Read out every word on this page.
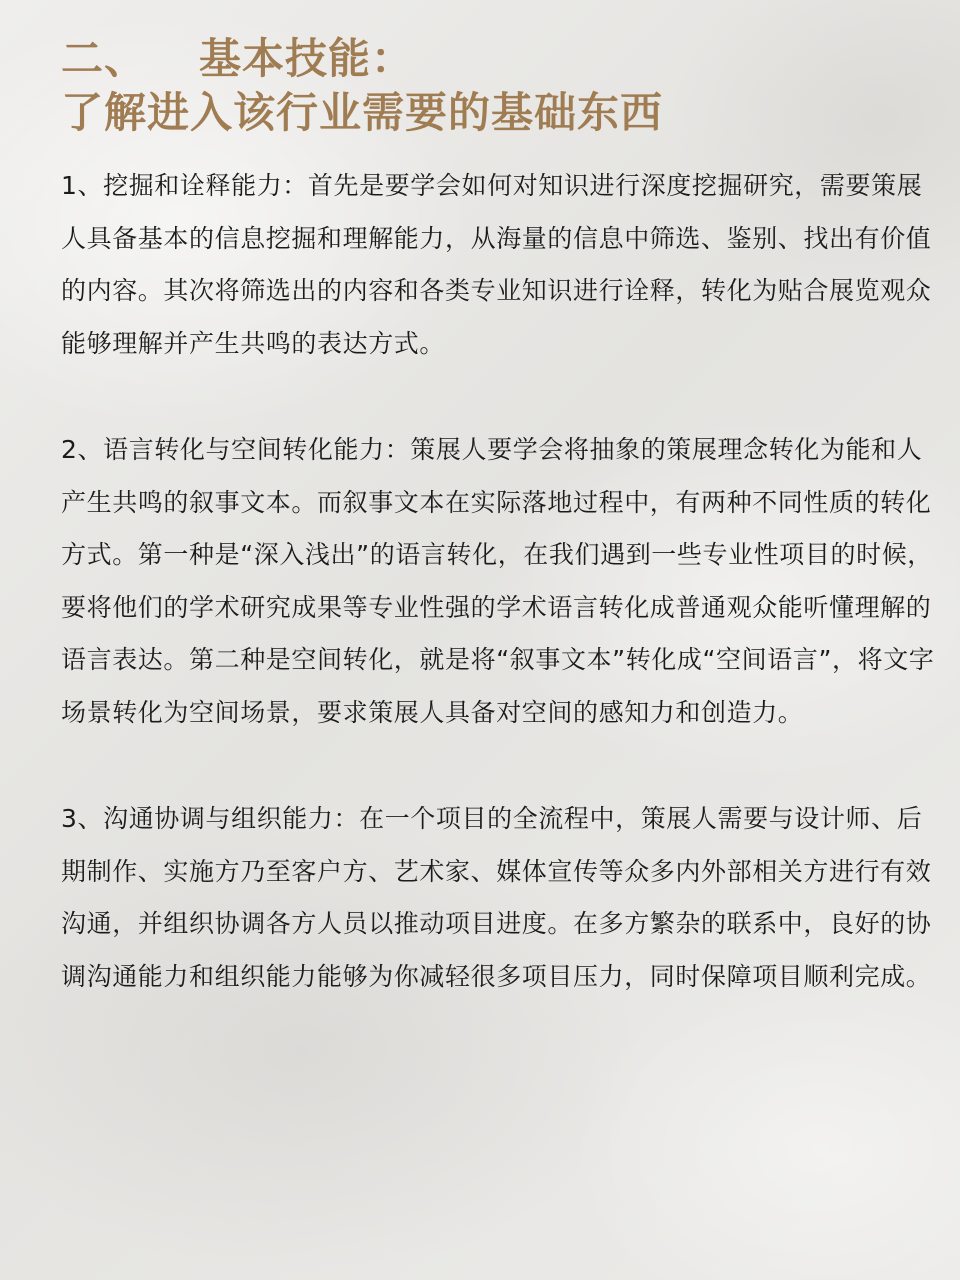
二、 基本技能：
了解进入该行业需要的基础东西

1、挖掘和诠释能力：首先是要学会如何对知识进行深度挖掘研究，需要策展人具备基本的信息挖掘和理解能力，从海量的信息中筛选、鉴别、找出有价值的内容。其次将筛选出的内容和各类专业知识进行诠释，转化为贴合展览观众能够理解并产生共鸣的表达方式。

2、语言转化与空间转化能力：策展人要学会将抽象的策展理念转化为能和人产生共鸣的叙事文本。而叙事文本在实际落地过程中，有两种不同性质的转化方式。第一种是“深入浅出”的语言转化，在我们遇到一些专业性项目的时候，要将他们的学术研究成果等专业性强的学术语言转化成普通观众能听懂理解的语言表达。第二种是空间转化，就是将“叙事文本”转化成“空间语言”，将文字场景转化为空间场景，要求策展人具备对空间的感知力和创造力。

3、沟通协调与组织能力：在一个项目的全流程中，策展人需要与设计师、后期制作、实施方乃至客户方、艺术家、媒体宣传等众多内外部相关方进行有效沟通，并组织协调各方人员以推动项目进度。在多方繁杂的联系中，良好的协调沟通能力和组织能力能够为你减轻很多项目压力，同时保障项目顺利完成。
